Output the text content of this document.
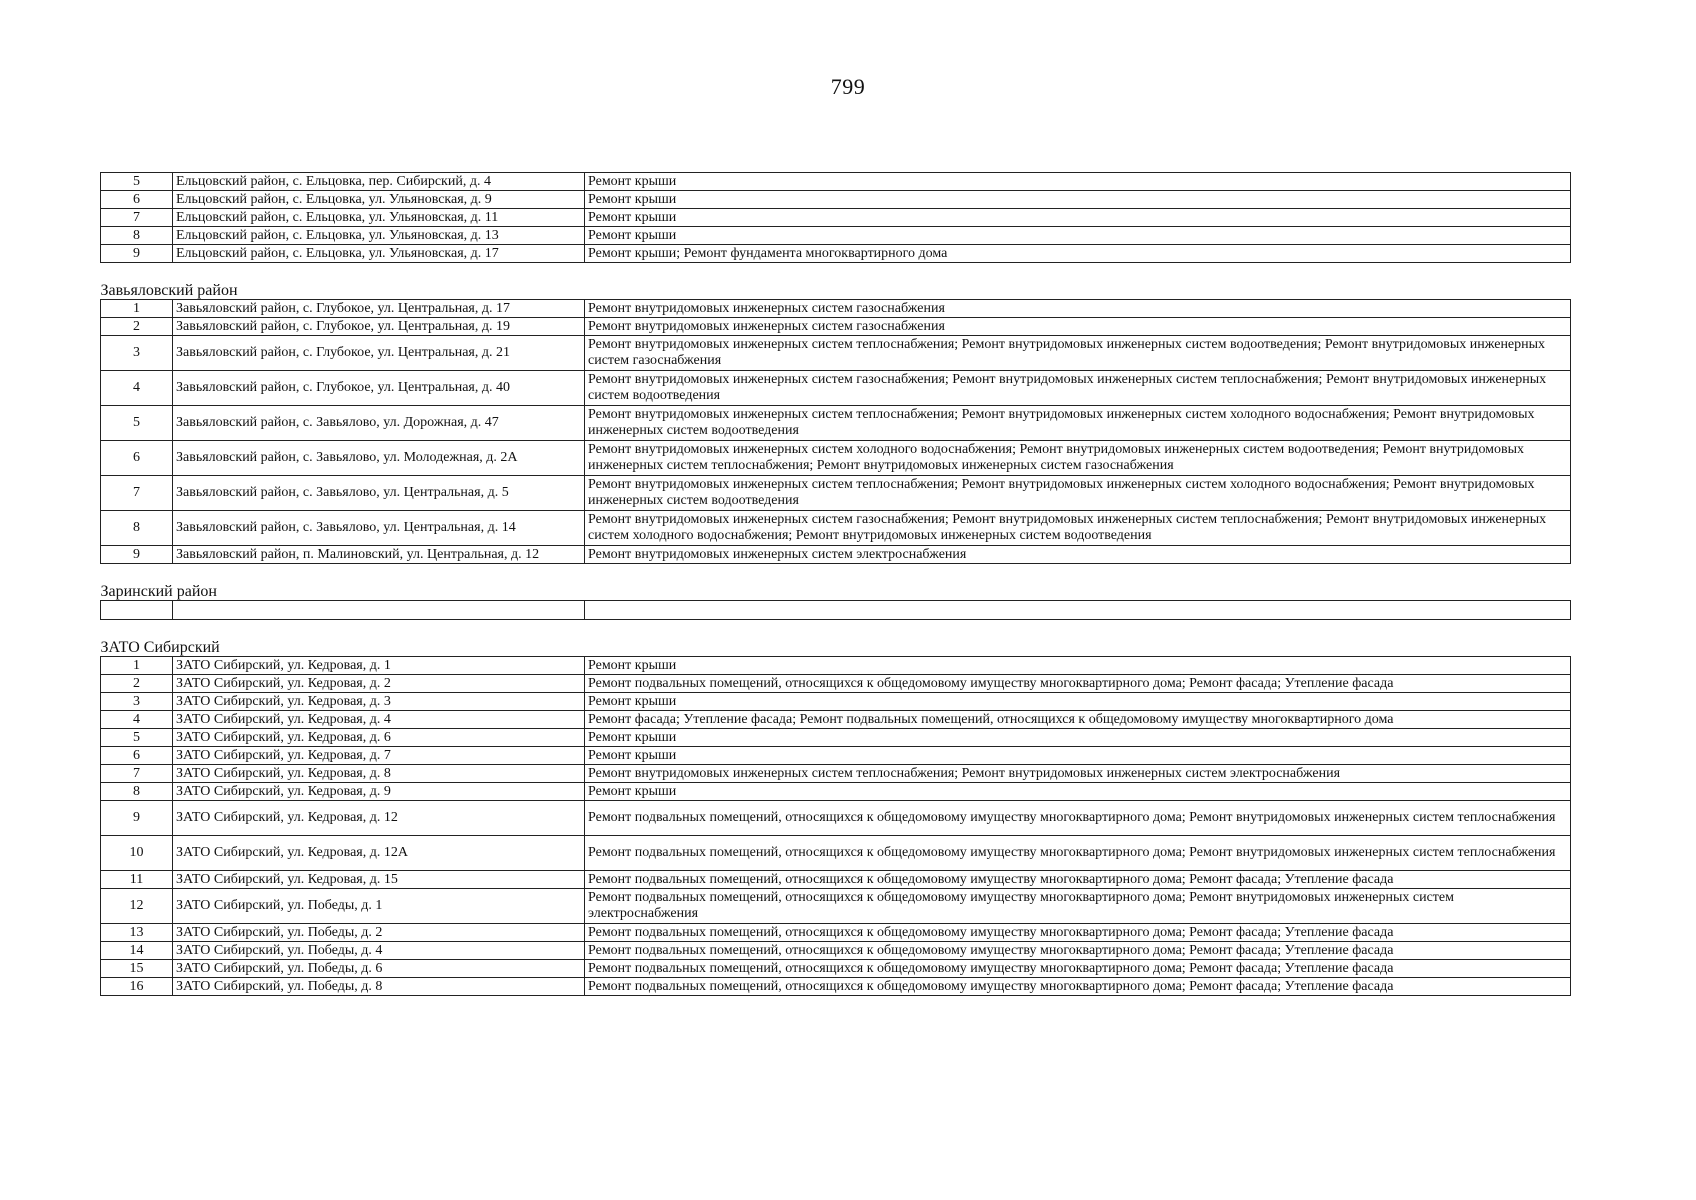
799
5	Ельцовский район, с. Ельцовка, пер. Сибирский, д. 4	Ремонт крыши
6	Ельцовский район, с. Ельцовка, ул. Ульяновская, д. 9	Ремонт крыши
7	Ельцовский район, с. Ельцовка, ул. Ульяновская, д. 11	Ремонт крыши
8	Ельцовский район, с. Ельцовка, ул. Ульяновская, д. 13	Ремонт крыши
9	Ельцовский район, с. Ельцовка, ул. Ульяновская, д. 17	Ремонт крыши; Ремонт фундамента многоквартирного дома
Завьяловский район		
1	Завьяловский район, с. Глубокое, ул. Центральная, д. 17	Ремонт внутридомовых инженерных систем газоснабжения
2	Завьяловский район, с. Глубокое, ул. Центральная, д. 19	Ремонт внутридомовых инженерных систем газоснабжения
3	Завьяловский район, с. Глубокое, ул. Центральная, д. 21	Ремонт внутридомовых инженерных систем теплоснабжения; Ремонт внутридомовых инженерных систем водоотведения; Ремонт внутридомовых инженерных систем газоснабжения
4	Завьяловский район, с. Глубокое, ул. Центральная, д. 40	Ремонт внутридомовых инженерных систем газоснабжения; Ремонт внутридомовых инженерных систем теплоснабжения; Ремонт внутридомовых инженерных систем водоотведения
5	Завьяловский район, с. Завьялово, ул. Дорожная, д. 47	Ремонт внутридомовых инженерных систем теплоснабжения; Ремонт внутридомовых инженерных систем холодного водоснабжения; Ремонт внутридомовых инженерных систем водоотведения
6	Завьяловский район, с. Завьялово, ул. Молодежная, д. 2А	Ремонт внутридомовых инженерных систем холодного водоснабжения; Ремонт внутридомовых инженерных систем водоотведения; Ремонт внутридомовых инженерных систем теплоснабжения; Ремонт внутридомовых инженерных систем газоснабжения
7	Завьяловский район, с. Завьялово, ул. Центральная, д. 5	Ремонт внутридомовых инженерных систем теплоснабжения; Ремонт внутридомовых инженерных систем холодного водоснабжения; Ремонт внутридомовых инженерных систем водоотведения
8	Завьяловский район, с. Завьялово, ул. Центральная, д. 14	Ремонт внутридомовых инженерных систем газоснабжения; Ремонт внутридомовых инженерных систем теплоснабжения; Ремонт внутридомовых инженерных систем холодного водоснабжения; Ремонт внутридомовых инженерных систем водоотведения
9	Завьяловский район, п. Малиновский, ул. Центральная, д. 12	Ремонт внутридомовых инженерных систем электроснабжения
Заринский район		

ЗАТО Сибирский		
1	ЗАТО Сибирский, ул. Кедровая, д. 1	Ремонт крыши
2	ЗАТО Сибирский, ул. Кедровая, д. 2	Ремонт подвальных помещений, относящихся к общедомовому имуществу многоквартирного дома; Ремонт фасада; Утепление фасада
3	ЗАТО Сибирский, ул. Кедровая, д. 3	Ремонт крыши
4	ЗАТО Сибирский, ул. Кедровая, д. 4	Ремонт фасада; Утепление фасада; Ремонт подвальных помещений, относящихся к общедомовому имуществу многоквартирного дома
5	ЗАТО Сибирский, ул. Кедровая, д. 6	Ремонт крыши
6	ЗАТО Сибирский, ул. Кедровая, д. 7	Ремонт крыши
7	ЗАТО Сибирский, ул. Кедровая, д. 8	Ремонт внутридомовых инженерных систем теплоснабжения; Ремонт внутридомовых инженерных систем электроснабжения
8	ЗАТО Сибирский, ул. Кедровая, д. 9	Ремонт крыши
9	ЗАТО Сибирский, ул. Кедровая, д. 12	Ремонт подвальных помещений, относящихся к общедомовому имуществу многоквартирного дома; Ремонт внутридомовых инженерных систем теплоснабжения
10	ЗАТО Сибирский, ул. Кедровая, д. 12А	Ремонт подвальных помещений, относящихся к общедомовому имуществу многоквартирного дома; Ремонт внутридомовых инженерных систем теплоснабжения
11	ЗАТО Сибирский, ул. Кедровая, д. 15	Ремонт подвальных помещений, относящихся к общедомовому имуществу многоквартирного дома; Ремонт фасада; Утепление фасада
12	ЗАТО Сибирский, ул. Победы, д. 1	Ремонт подвальных помещений, относящихся к общедомовому имуществу многоквартирного дома; Ремонт внутридомовых инженерных систем электроснабжения
13	ЗАТО Сибирский, ул. Победы, д. 2	Ремонт подвальных помещений, относящихся к общедомовому имуществу многоквартирного дома; Ремонт фасада; Утепление фасада
14	ЗАТО Сибирский, ул. Победы, д. 4	Ремонт подвальных помещений, относящихся к общедомовому имуществу многоквартирного дома; Ремонт фасада; Утепление фасада
15	ЗАТО Сибирский, ул. Победы, д. 6	Ремонт подвальных помещений, относящихся к общедомовому имуществу многоквартирного дома; Ремонт фасада; Утепление фасада
16	ЗАТО Сибирский, ул. Победы, д. 8	Ремонт подвальных помещений, относящихся к общедомовому имуществу многоквартирного дома; Ремонт фасада; Утепление фасада
